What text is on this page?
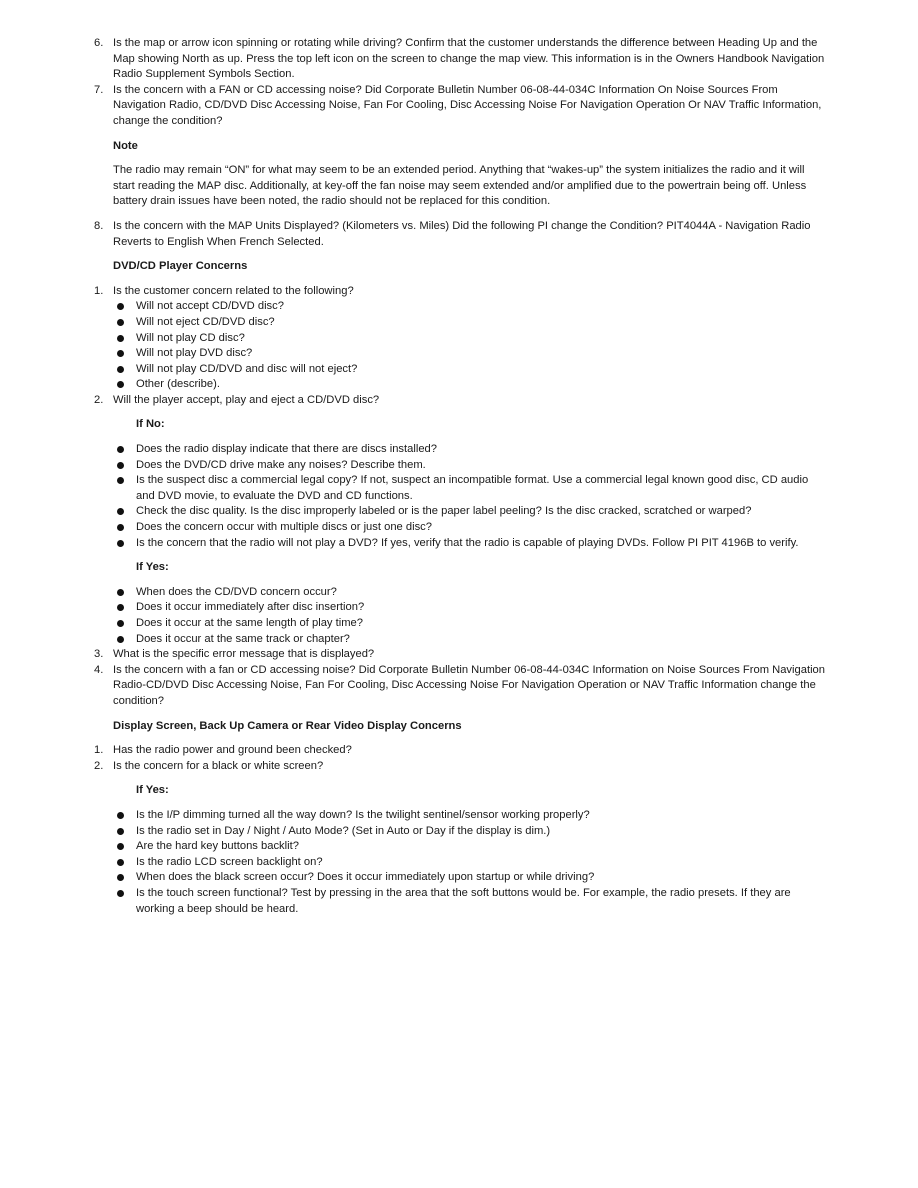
6. Is the map or arrow icon spinning or rotating while driving? Confirm that the customer understands the difference between Heading Up and the Map showing North as up. Press the top left icon on the screen to change the map view. This information is in the Owners Handbook Navigation Radio Supplement Symbols Section.
7. Is the concern with a FAN or CD accessing noise? Did Corporate Bulletin Number 06-08-44-034C Information On Noise Sources From Navigation Radio, CD/DVD Disc Accessing Noise, Fan For Cooling, Disc Accessing Noise For Navigation Operation Or NAV Traffic Information, change the condition?
Note
The radio may remain “ON” for what may seem to be an extended period. Anything that “wakes-up” the system initializes the radio and it will start reading the MAP disc. Additionally, at key-off the fan noise may seem extended and/or amplified due to the powertrain being off. Unless battery drain issues have been noted, the radio should not be replaced for this condition.
8. Is the concern with the MAP Units Displayed? (Kilometers vs. Miles) Did the following PI change the Condition? PIT4044A - Navigation Radio Reverts to English When French Selected.
DVD/CD Player Concerns
1. Is the customer concern related to the following?
Will not accept CD/DVD disc?
Will not eject CD/DVD disc?
Will not play CD disc?
Will not play DVD disc?
Will not play CD/DVD and disc will not eject?
Other (describe).
2. Will the player accept, play and eject a CD/DVD disc?
If No:
Does the radio display indicate that there are discs installed?
Does the DVD/CD drive make any noises? Describe them.
Is the suspect disc a commercial legal copy? If not, suspect an incompatible format. Use a commercial legal known good disc, CD audio and DVD movie, to evaluate the DVD and CD functions.
Check the disc quality. Is the disc improperly labeled or is the paper label peeling? Is the disc cracked, scratched or warped?
Does the concern occur with multiple discs or just one disc?
Is the concern that the radio will not play a DVD? If yes, verify that the radio is capable of playing DVDs. Follow PI PIT 4196B to verify.
If Yes:
When does the CD/DVD concern occur?
Does it occur immediately after disc insertion?
Does it occur at the same length of play time?
Does it occur at the same track or chapter?
3. What is the specific error message that is displayed?
4. Is the concern with a fan or CD accessing noise? Did Corporate Bulletin Number 06-08-44-034C Information on Noise Sources From Navigation Radio-CD/DVD Disc Accessing Noise, Fan For Cooling, Disc Accessing Noise For Navigation Operation or NAV Traffic Information change the condition?
Display Screen, Back Up Camera or Rear Video Display Concerns
1. Has the radio power and ground been checked?
2. Is the concern for a black or white screen?
If Yes:
Is the I/P dimming turned all the way down? Is the twilight sentinel/sensor working properly?
Is the radio set in Day / Night / Auto Mode? (Set in Auto or Day if the display is dim.)
Are the hard key buttons backlit?
Is the radio LCD screen backlight on?
When does the black screen occur? Does it occur immediately upon startup or while driving?
Is the touch screen functional? Test by pressing in the area that the soft buttons would be. For example, the radio presets. If they are working a beep should be heard.
